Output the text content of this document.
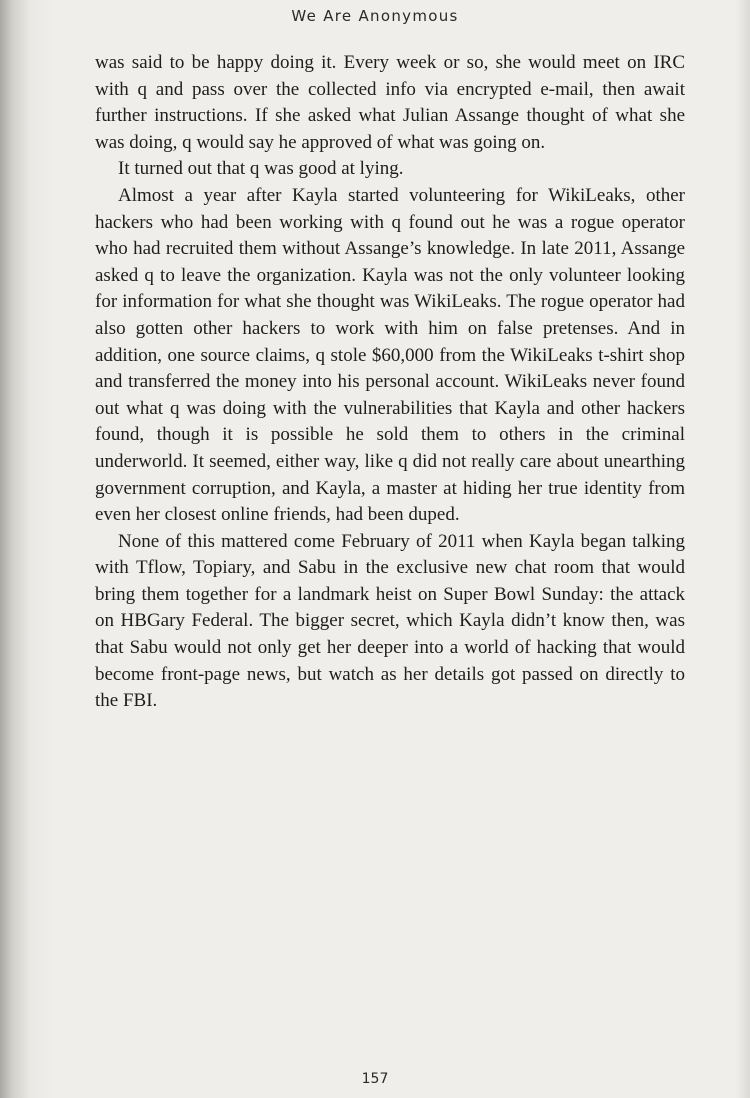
We Are Anonymous

was said to be happy doing it. Every week or so, she would meet on IRC with q and pass over the collected info via encrypted e-mail, then await further instructions. If she asked what Julian Assange thought of what she was doing, q would say he approved of what was going on.

It turned out that q was good at lying.

Almost a year after Kayla started volunteering for WikiLeaks, other hackers who had been working with q found out he was a rogue operator who had recruited them without Assange’s knowledge. In late 2011, Assange asked q to leave the organization. Kayla was not the only volunteer looking for information for what she thought was WikiLeaks. The rogue operator had also gotten other hackers to work with him on false pretenses. And in addition, one source claims, q stole $60,000 from the WikiLeaks t-shirt shop and transferred the money into his personal account. WikiLeaks never found out what q was doing with the vulnerabilities that Kayla and other hackers found, though it is possible he sold them to others in the criminal underworld. It seemed, either way, like q did not really care about unearthing government corruption, and Kayla, a master at hiding her true identity from even her closest online friends, had been duped.

None of this mattered come February of 2011 when Kayla began talking with Tflow, Topiary, and Sabu in the exclusive new chat room that would bring them together for a landmark heist on Super Bowl Sunday: the attack on HBGary Federal. The bigger secret, which Kayla didn’t know then, was that Sabu would not only get her deeper into a world of hacking that would become front-page news, but watch as her details got passed on directly to the FBI.

157
